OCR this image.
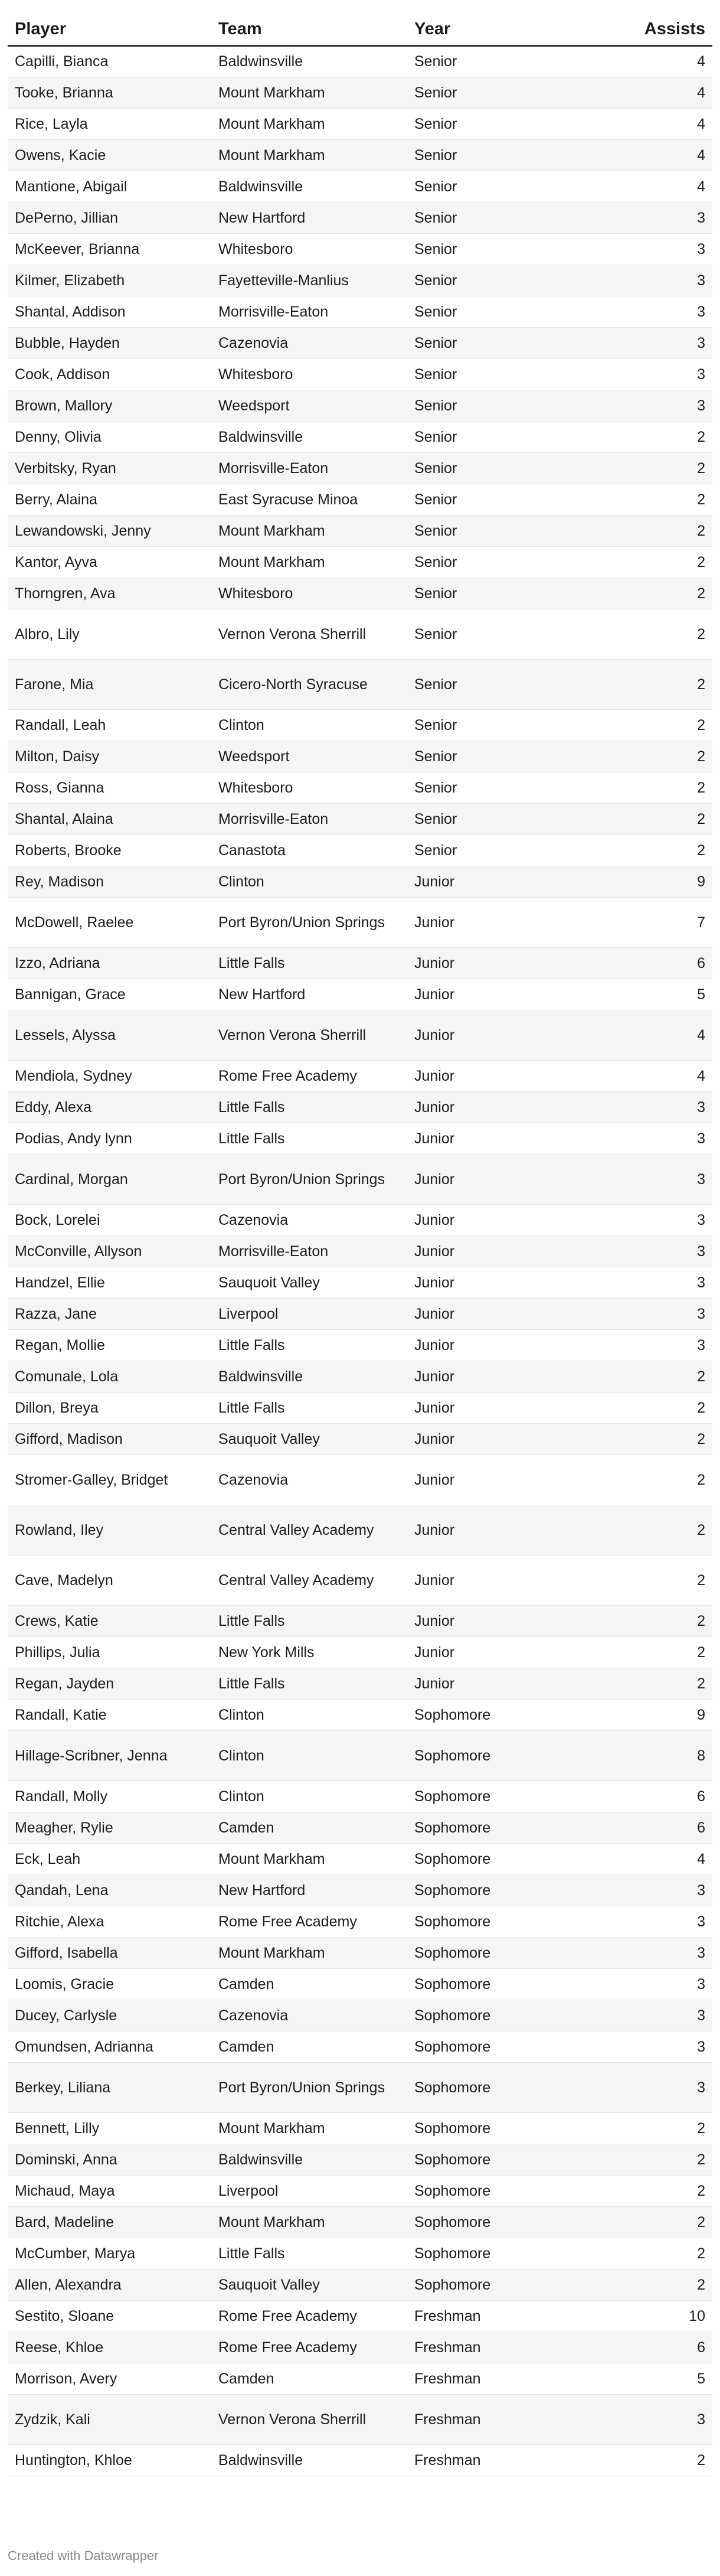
Player	Team	Year	Assists
Capilli, Bianca	Baldwinsville	Senior	4
Tooke, Brianna	Mount Markham	Senior	4
Rice, Layla	Mount Markham	Senior	4
Owens, Kacie	Mount Markham	Senior	4
Mantione, Abigail	Baldwinsville	Senior	4
DePerno, Jillian	New Hartford	Senior	3
McKeever, Brianna	Whitesboro	Senior	3
Kilmer, Elizabeth	Fayetteville-Manlius	Senior	3
Shantal, Addison	Morrisville-Eaton	Senior	3
Bubble, Hayden	Cazenovia	Senior	3
Cook, Addison	Whitesboro	Senior	3
Brown, Mallory	Weedsport	Senior	3
Denny, Olivia	Baldwinsville	Senior	2
Verbitsky, Ryan	Morrisville-Eaton	Senior	2
Berry, Alaina	East Syracuse Minoa	Senior	2
Lewandowski, Jenny	Mount Markham	Senior	2
Kantor, Ayva	Mount Markham	Senior	2
Thorngren, Ava	Whitesboro	Senior	2
Albro, Lily	Vernon Verona Sherrill	Senior	2
Farone, Mia	Cicero-North Syracuse	Senior	2
Randall, Leah	Clinton	Senior	2
Milton, Daisy	Weedsport	Senior	2
Ross, Gianna	Whitesboro	Senior	2
Shantal, Alaina	Morrisville-Eaton	Senior	2
Roberts, Brooke	Canastota	Senior	2
Rey, Madison	Clinton	Junior	9
McDowell, Raelee	Port Byron/Union Springs	Junior	7
Izzo, Adriana	Little Falls	Junior	6
Bannigan, Grace	New Hartford	Junior	5
Lessels, Alyssa	Vernon Verona Sherrill	Junior	4
Mendiola, Sydney	Rome Free Academy	Junior	4
Eddy, Alexa	Little Falls	Junior	3
Podias, Andy lynn	Little Falls	Junior	3
Cardinal, Morgan	Port Byron/Union Springs	Junior	3
Bock, Lorelei	Cazenovia	Junior	3
McConville, Allyson	Morrisville-Eaton	Junior	3
Handzel, Ellie	Sauquoit Valley	Junior	3
Razza, Jane	Liverpool	Junior	3
Regan, Mollie	Little Falls	Junior	3
Comunale, Lola	Baldwinsville	Junior	2
Dillon, Breya	Little Falls	Junior	2
Gifford, Madison	Sauquoit Valley	Junior	2
Stromer-Galley, Bridget	Cazenovia	Junior	2
Rowland, Iley	Central Valley Academy	Junior	2
Cave, Madelyn	Central Valley Academy	Junior	2
Crews, Katie	Little Falls	Junior	2
Phillips, Julia	New York Mills	Junior	2
Regan, Jayden	Little Falls	Junior	2
Randall, Katie	Clinton	Sophomore	9
Hillage-Scribner, Jenna	Clinton	Sophomore	8
Randall, Molly	Clinton	Sophomore	6
Meagher, Rylie	Camden	Sophomore	6
Eck, Leah	Mount Markham	Sophomore	4
Qandah, Lena	New Hartford	Sophomore	3
Ritchie, Alexa	Rome Free Academy	Sophomore	3
Gifford, Isabella	Mount Markham	Sophomore	3
Loomis, Gracie	Camden	Sophomore	3
Ducey, Carlysle	Cazenovia	Sophomore	3
Omundsen, Adrianna	Camden	Sophomore	3
Berkey, Liliana	Port Byron/Union Springs	Sophomore	3
Bennett, Lilly	Mount Markham	Sophomore	2
Dominski, Anna	Baldwinsville	Sophomore	2
Michaud, Maya	Liverpool	Sophomore	2
Bard, Madeline	Mount Markham	Sophomore	2
McCumber, Marya	Little Falls	Sophomore	2
Allen, Alexandra	Sauquoit Valley	Sophomore	2
Sestito, Sloane	Rome Free Academy	Freshman	10
Reese, Khloe	Rome Free Academy	Freshman	6
Morrison, Avery	Camden	Freshman	5
Zydzik, Kali	Vernon Verona Sherrill	Freshman	3
Huntington, Khloe	Baldwinsville	Freshman	2
Created with Datawrapper
